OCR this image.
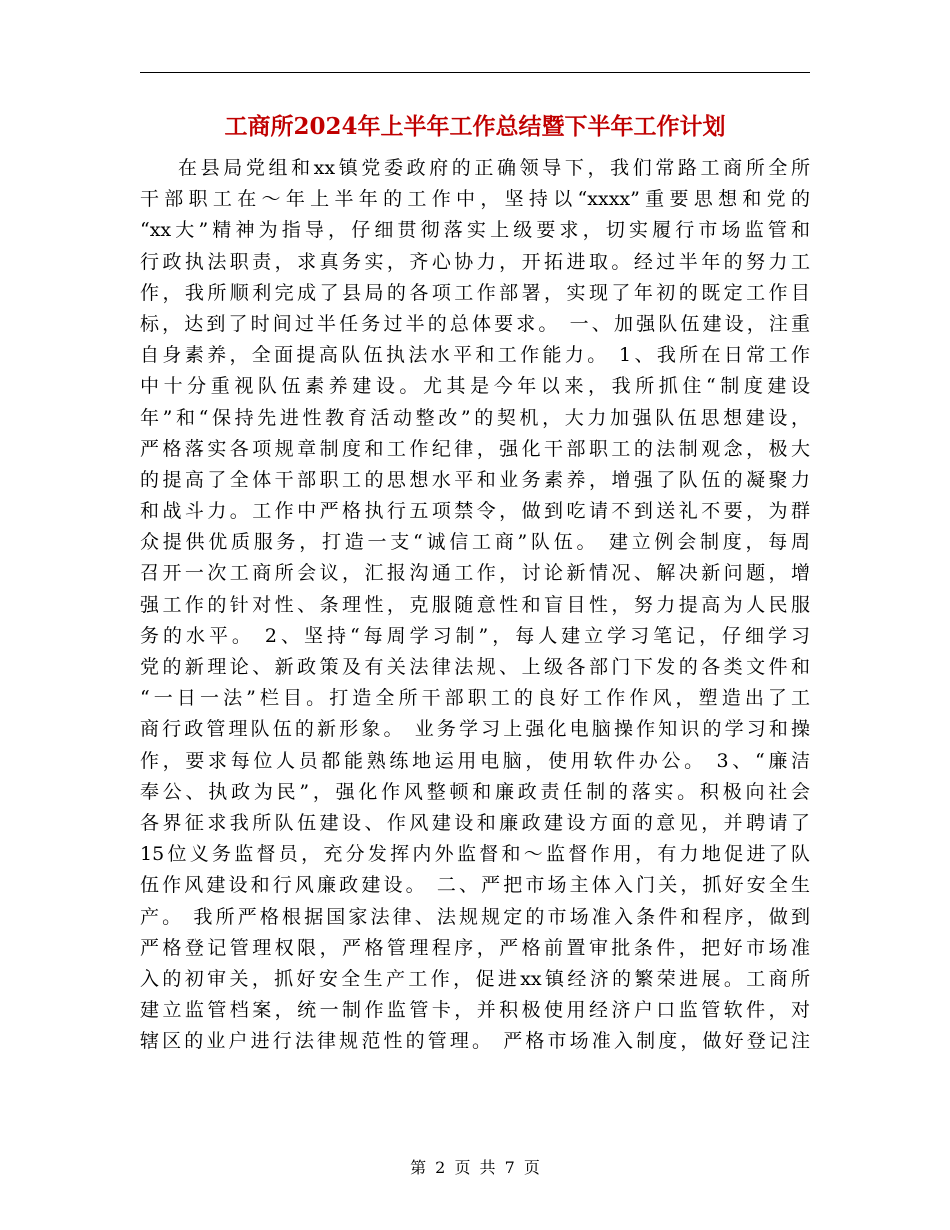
工商所2024年上半年工作总结暨下半年工作计划
在县局党组和xx镇党委政府的正确领导下，我们常路工商所全所
干部职工在～年上半年的工作中，坚持以“xxxx”重要思想和党的
“xx大”精神为指导，仔细贯彻落实上级要求，切实履行市场监管和
行政执法职责，求真务实，齐心协力，开拓进取。经过半年的努力工
作，我所顺利完成了县局的各项工作部署，实现了年初的既定工作目
标，达到了时间过半任务过半的总体要求。 一、加强队伍建设，注重
自身素养，全面提高队伍执法水平和工作能力。 1、我所在日常工作
中十分重视队伍素养建设。尤其是今年以来，我所抓住“制度建设
年”和“保持先进性教育活动整改”的契机，大力加强队伍思想建设，
严格落实各项规章制度和工作纪律，强化干部职工的法制观念，极大
的提高了全体干部职工的思想水平和业务素养，增强了队伍的凝聚力
和战斗力。工作中严格执行五项禁令，做到吃请不到送礼不要，为群
众提供优质服务，打造一支“诚信工商”队伍。 建立例会制度，每周
召开一次工商所会议，汇报沟通工作，讨论新情况、解决新问题，增
强工作的针对性、条理性，克服随意性和盲目性，努力提高为人民服
务的水平。 2、坚持“每周学习制”，每人建立学习笔记，仔细学习
党的新理论、新政策及有关法律法规、上级各部门下发的各类文件和
“一日一法”栏目。打造全所干部职工的良好工作作风，塑造出了工
商行政管理队伍的新形象。 业务学习上强化电脑操作知识的学习和操
作，要求每位人员都能熟练地运用电脑，使用软件办公。 3、“廉洁
奉公、执政为民”，强化作风整顿和廉政责任制的落实。积极向社会
各界征求我所队伍建设、作风建设和廉政建设方面的意见，并聘请了
15位义务监督员，充分发挥内外监督和～监督作用，有力地促进了队
伍作风建设和行风廉政建设。 二、严把市场主体入门关，抓好安全生
产。 我所严格根据国家法律、法规规定的市场准入条件和程序，做到
严格登记管理权限，严格管理程序，严格前置审批条件，把好市场准
入的初审关，抓好安全生产工作，促进xx镇经济的繁荣进展。工商所
建立监管档案，统一制作监管卡，并积极使用经济户口监管软件，对
辖区的业户进行法律规范性的管理。 严格市场准入制度，做好登记注
第 2 页 共 7 页
